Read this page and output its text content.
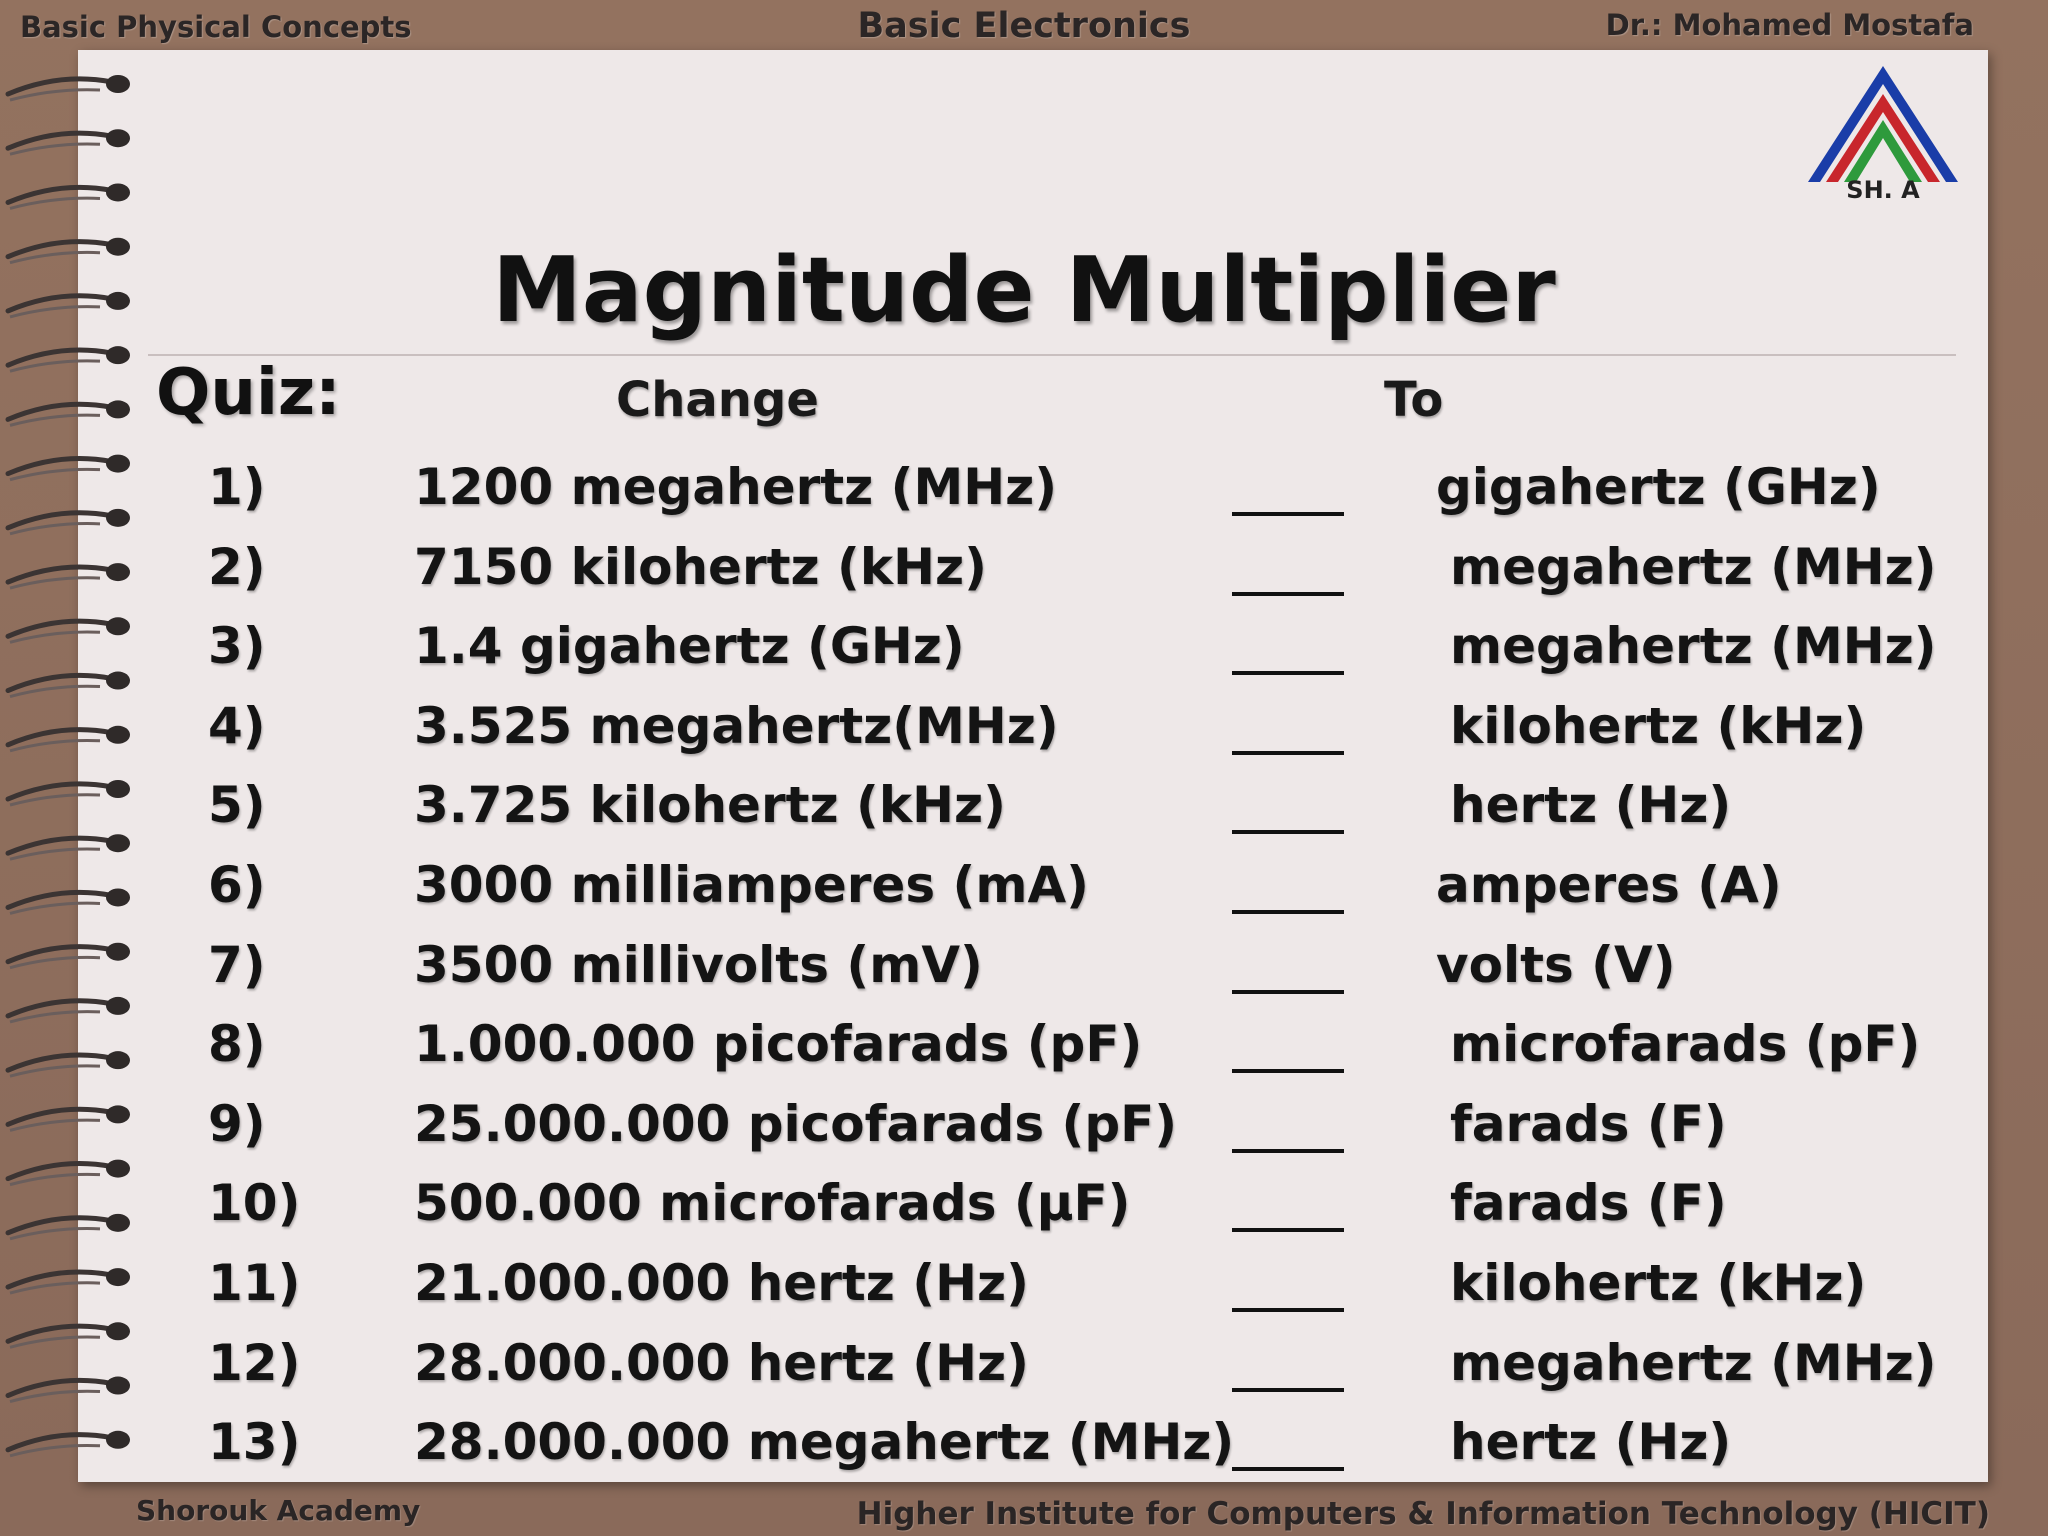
Basic Physical Concepts	Basic Electronics	Dr.: Mohamed Mostafa
SH. A
Magnitude Multiplier
Quiz:	Change	To
1)	1200 megahertz (MHz)	gigahertz (GHz)
2)	7150 kilohertz (kHz)	megahertz (MHz)
3)	1.4 gigahertz (GHz)	megahertz (MHz)
4)	3.525 megahertz(MHz)	kilohertz (kHz)
5)	3.725 kilohertz (kHz)	hertz (Hz)
6)	3000 milliamperes (mA)	amperes (A)
7)	3500 millivolts (mV)	volts (V)
8)	1.000.000 picofarads (pF)	microfarads (pF)
9)	25.000.000 picofarads (pF)	farads (F)
10) 500.000 microfarads (µF)	farads (F)
11) 21.000.000 hertz (Hz)	kilohertz (kHz)
12) 28.000.000 hertz (Hz)	megahertz (MHz)
13) 28.000.000 megahertz (MHz)	hertz (Hz)
Shorouk Academy	Higher Institute for Computers & Information Technology (HICIT)
